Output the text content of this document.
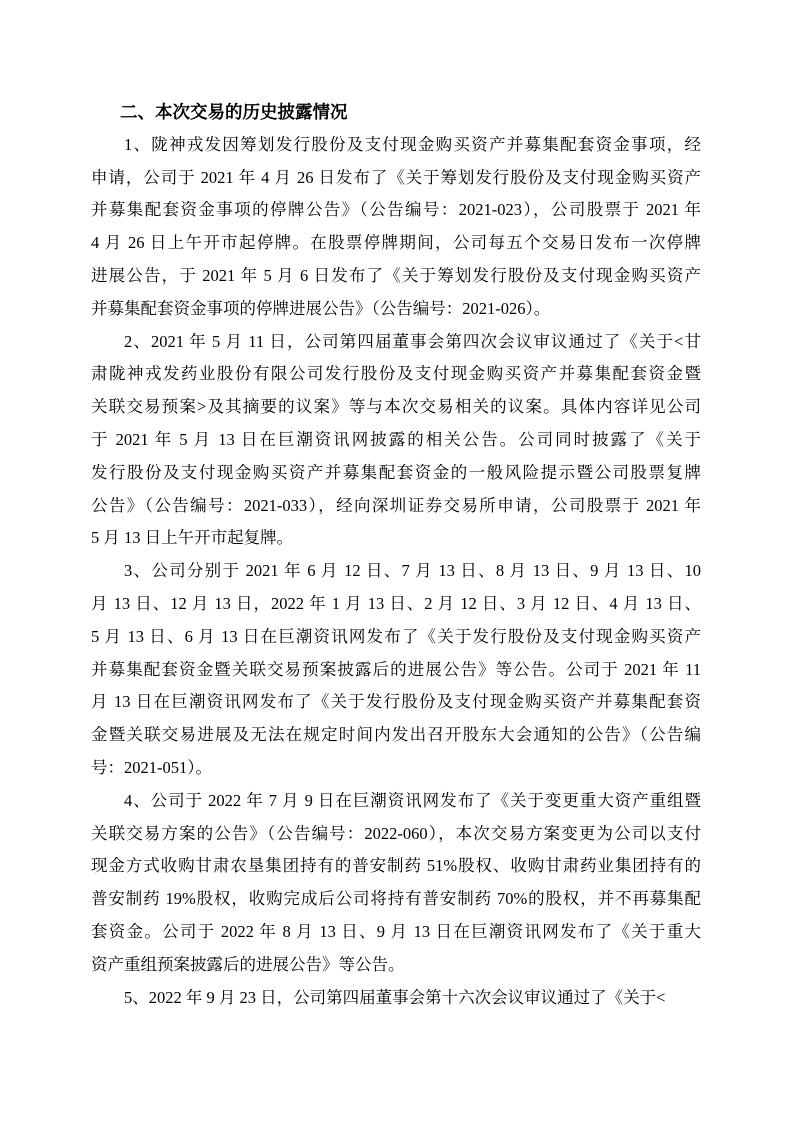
二、本次交易的历史披露情况
1、陇神戎发因筹划发行股份及支付现金购买资产并募集配套资金事项，经
申请，公司于 2021 年 4 月 26 日发布了《关于筹划发行股份及支付现金购买资产
并募集配套资金事项的停牌公告》（公告编号：2021-023），公司股票于 2021 年
4 月 26 日上午开市起停牌。在股票停牌期间，公司每五个交易日发布一次停牌
进展公告，于 2021 年 5 月 6 日发布了《关于筹划发行股份及支付现金购买资产
并募集配套资金事项的停牌进展公告》（公告编号：2021-026）。
2、2021 年 5 月 11 日，公司第四届董事会第四次会议审议通过了《关于<甘
肃陇神戎发药业股份有限公司发行股份及支付现金购买资产并募集配套资金暨
关联交易预案>及其摘要的议案》等与本次交易相关的议案。具体内容详见公司
于 2021 年 5 月 13 日在巨潮资讯网披露的相关公告。公司同时披露了《关于
发行股份及支付现金购买资产并募集配套资金的一般风险提示暨公司股票复牌
公告》（公告编号：2021-033），经向深圳证券交易所申请，公司股票于 2021 年
5 月 13 日上午开市起复牌。
3、公司分别于 2021 年 6 月 12 日、7 月 13 日、8 月 13 日、9 月 13 日、10
月 13 日、12 月 13 日，2022 年 1 月 13 日、2 月 12 日、3 月 12 日、4 月 13 日、
5 月 13 日、6 月 13 日在巨潮资讯网发布了《关于发行股份及支付现金购买资产
并募集配套资金暨关联交易预案披露后的进展公告》等公告。公司于 2021 年 11
月 13 日在巨潮资讯网发布了《关于发行股份及支付现金购买资产并募集配套资
金暨关联交易进展及无法在规定时间内发出召开股东大会通知的公告》（公告编
号：2021-051）。
4、公司于 2022 年 7 月 9 日在巨潮资讯网发布了《关于变更重大资产重组暨
关联交易方案的公告》（公告编号：2022-060），本次交易方案变更为公司以支付
现金方式收购甘肃农垦集团持有的普安制药 51%股权、收购甘肃药业集团持有的
普安制药 19%股权，收购完成后公司将持有普安制药 70%的股权，并不再募集配
套资金。公司于 2022 年 8 月 13 日、9 月 13 日在巨潮资讯网发布了《关于重大
资产重组预案披露后的进展公告》等公告。
5、2022 年 9 月 23 日，公司第四届董事会第十六次会议审议通过了《关于<
